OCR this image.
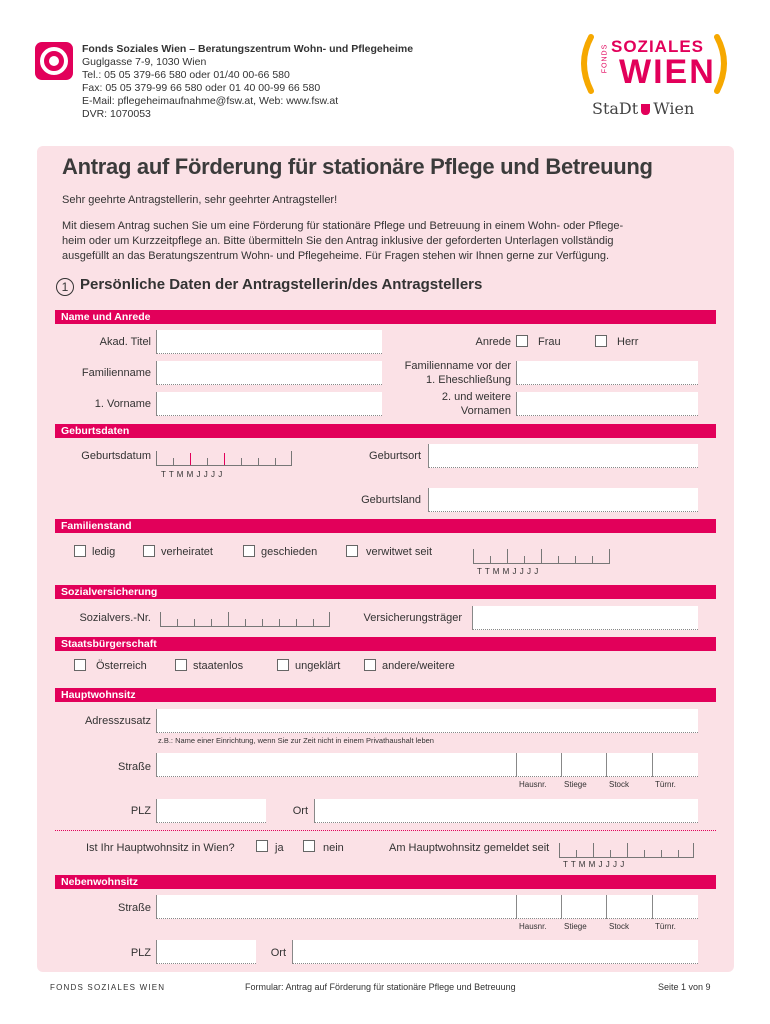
Fonds Soziales Wien – Beratungszentrum Wohn- und Pflegeheime
Guglgasse 7-9, 1030 Wien
Tel.: 05 05 379-66 580 oder 01/40 00-66 580
Fax: 05 05 379-99 66 580 oder 01 40 00-99 66 580
E-Mail: pflegeheimaufnahme@fsw.at, Web: www.fsw.at
DVR: 1070053
FONDS SOZIALES
WIEN
StaDt Wien
Antrag auf Förderung für stationäre Pflege und Betreuung
Sehr geehrte Antragstellerin, sehr geehrter Antragsteller!
Mit diesem Antrag suchen Sie um eine Förderung für stationäre Pflege und Betreuung in einem Wohn- oder Pflege-
heim oder um Kurzzeitpflege an. Bitte übermitteln Sie den Antrag inklusive der geforderten Unterlagen vollständig
ausgefüllt an das Beratungszentrum Wohn- und Pflegeheime. Für Fragen stehen wir Ihnen gerne zur Verfügung.
1 Persönliche Daten der Antragstellerin/des Antragstellers
Name und Anrede
Akad. Titel	Anrede Frau	Herr
Familienname
Familienname vor der
1. Eheschließung
1. Vorname
2. und weitere
Vornamen
Geburtsdaten
Geburtsdatum
T T M M J J J J
Geburtsort
Geburtsland
Familienstand
ledig	verheiratet	geschieden	verwitwet seit
T T M M J J J J
Sozialversicherung
Sozialvers.-Nr.	Versicherungsträger
Staatsbürgerschaft
Österreich	staatenlos	ungeklärt	andere/weitere
Hauptwohnsitz
Adresszusatz
z.B.: Name einer Einrichtung, wenn Sie zur Zeit nicht in einem Privathaushalt leben
Straße
Hausnr. Stiege	Stock	Türnr.
PLZ	Ort
Ist Ihr Hauptwohnsitz in Wien?	ja	nein	Am Hauptwohnsitz gemeldet seit
T T M M J J J J
Nebenwohnsitz
Straße
Hausnr. Stiege	Stock	Türnr.
PLZ	Ort
FONDS SOZIALES WIEN	Formular: Antrag auf Förderung für stationäre Pflege und Betreuung	Seite 1 von 9
